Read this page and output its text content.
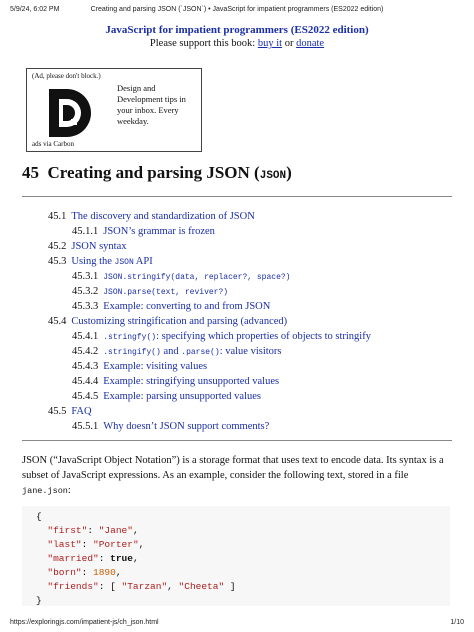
5/9/24, 6:02 PM	Creating and parsing JSON (`JSON`) • JavaScript for impatient programmers (ES2022 edition)
JavaScript for impatient programmers (ES2022 edition)
Please support this book: buy it or donate
(Ad, please don't block.)
Design and Development tips in your inbox. Every weekday.
ads via Carbon
45 Creating and parsing JSON (JSON)
45.1 The discovery and standardization of JSON
45.1.1 JSON’s grammar is frozen
45.2 JSON syntax
45.3 Using the JSON API
45.3.1 JSON.stringify(data, replacer?, space?)
45.3.2 JSON.parse(text, reviver?)
45.3.3 Example: converting to and from JSON
45.4 Customizing stringification and parsing (advanced)
45.4.1 .stringfy(): specifying which properties of objects to stringify
45.4.2 .stringify() and .parse(): value visitors
45.4.3 Example: visiting values
45.4.4 Example: stringifying unsupported values
45.4.5 Example: parsing unsupported values
45.5 FAQ
45.5.1 Why doesn’t JSON support comments?
JSON (“JavaScript Object Notation”) is a storage format that uses text to encode data. Its syntax is a subset of JavaScript expressions. As an example, consider the following text, stored in a file jane.json:
{
"first": "Jane",
"last": "Porter",
"married": true,
"born": 1890,
"friends": [ "Tarzan", "Cheeta" ]
}
https://exploringjs.com/impatient-js/ch_json.html	1/10
